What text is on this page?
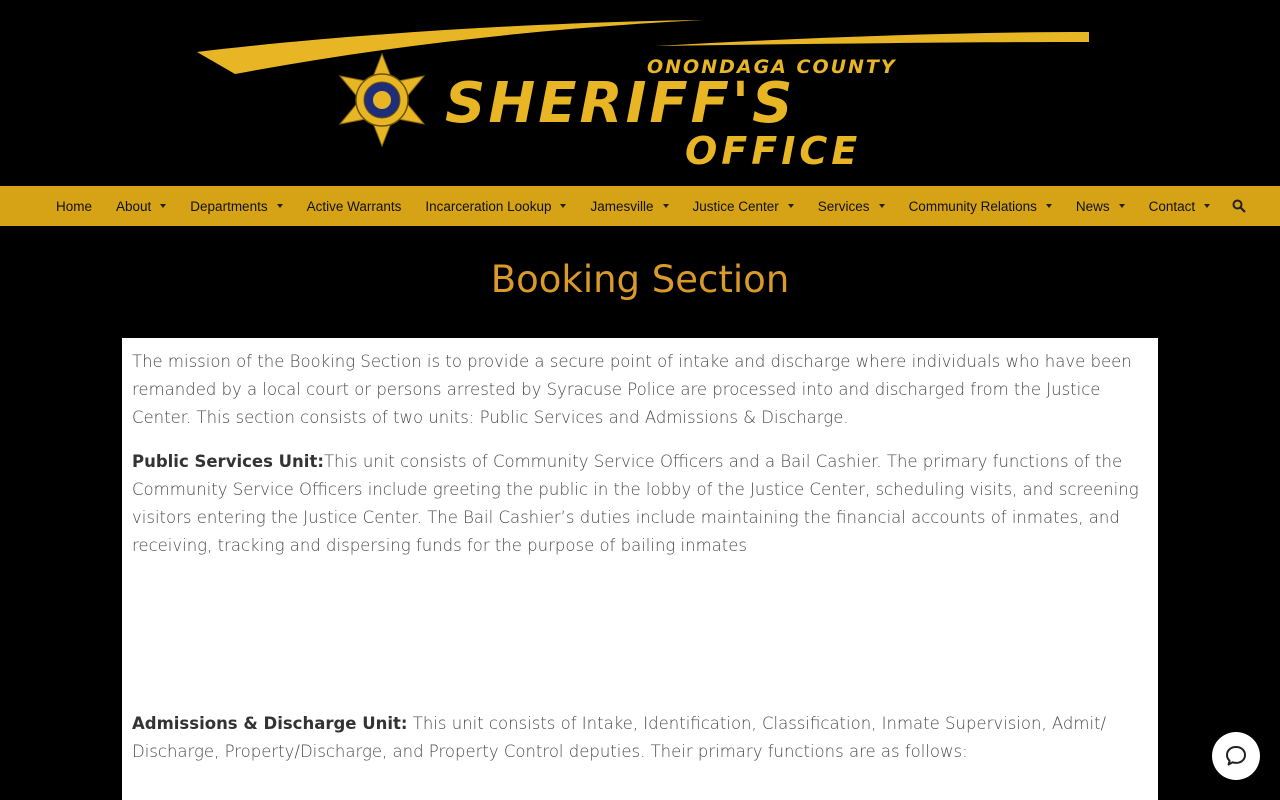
ONONDAGA COUNTY
SHERIFF'S
OFFICE
Home About	Departments	Active Warrants Incarceration Lookup	Jamesville	Justice Center	Services	Community Relations	News	Contact
Booking Section

The mission of the Booking Section is to provide a secure point of intake and discharge where individuals who have been remanded by a local court or persons arrested by Syracuse Police are processed into and discharged from the Justice Center. This section consists of two units: Public Services and Admissions & Discharge.

Public Services Unit:This unit consists of Community Service Officers and a Bail Cashier. The primary functions of the Community Service Officers include greeting the public in the lobby of the Justice Center, scheduling visits, and screening visitors entering the Justice Center. The Bail Cashier’s duties include maintaining the financial accounts of inmates, and receiving, tracking and dispersing funds for the purpose of bailing inmates

Admissions & Discharge Unit: This unit consists of Intake, Identification, Classification, Inmate Supervision, Admit/ Discharge, Property/Discharge, and Property Control deputies. Their primary functions are as follows:
